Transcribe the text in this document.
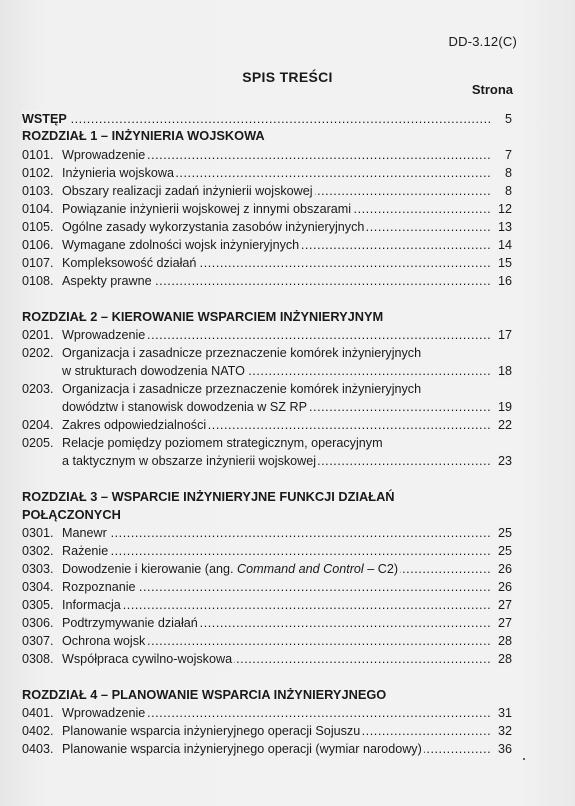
DD-3.12(C)
SPIS TREŚCI
Strona
WSTĘP .....	5
ROZDZIAŁ 1 – INŻYNIERIA WOJSKOWA
0101. Wprowadzenie .....	7
0102. Inżynieria wojskowa .....	8
0103. Obszary realizacji zadań inżynierii wojskowej .....	8
0104. Powiązanie inżynierii wojskowej z innymi obszarami .....	12
0105. Ogólne zasady wykorzystania zasobów inżynieryjnych .....	13
0106. Wymagane zdolności wojsk inżynieryjnych .....	14
0107. Kompleksowość działań .....	15
0108. Aspekty prawne .....	16
ROZDZIAŁ 2 – KIEROWANIE WSPARCIEM INŻYNIERYJNYM
0201. Wprowadzenie .....	17
0202. Organizacja i zasadnicze przeznaczenie komórek inżynieryjnych
w strukturach dowodzenia NATO .....	18
0203. Organizacja i zasadnicze przeznaczenie komórek inżynieryjnych
dowództw i stanowisk dowodzenia w SZ RP .....	19
0204. Zakres odpowiedzialności .....	22
0205. Relacje pomiędzy poziomem strategicznym, operacyjnym
a taktycznym w obszarze inżynierii wojskowej .....	23
ROZDZIAŁ 3 – WSPARCIE INŻYNIERYJNE FUNKCJI DZIAŁAŃ
POŁĄCZONYCH
0301. Manewr .....	25
0302. Rażenie .....	25
0303. Dowodzenie i kierowanie (ang. Command and Control – C2) .....	26
0304. Rozpoznanie .....	26
0305. Informacja .....	27
0306. Podtrzymywanie działań .....	27
0307. Ochrona wojsk .....	28
0308. Współpraca cywilno-wojskowa .....	28
ROZDZIAŁ 4 – PLANOWANIE WSPARCIA INŻYNIERYJNEGO
0401. Wprowadzenie .....	31
0402. Planowanie wsparcia inżynieryjnego operacji Sojuszu .....	32
0403. Planowanie wsparcia inżynieryjnego operacji (wymiar narodowy) .....	36
